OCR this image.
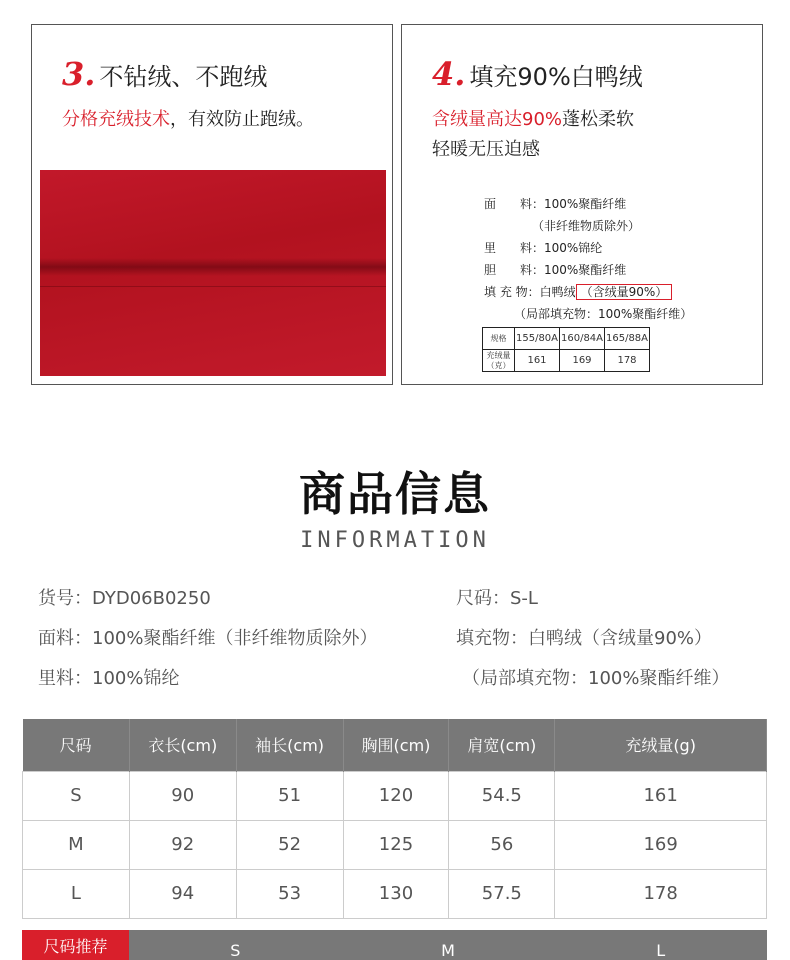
3. 不钻绒、不跑绒
分格充绒技术，有效防止跑绒。
4. 填充90%白鸭绒
含绒量高达90%蓬松柔软
轻暖无压迫感
面　　料：100%聚酯纤维
（非纤维物质除外）
里　　料：100%锦纶
胆　　料：100%聚酯纤维
填 充 物：白鸭绒 （含绒量90%）
（局部填充物：100%聚酯纤维）
规格	155/80A	160/84A	165/88A
充绒量（克）	161	169	178
商品信息
INFORMATION
货号：DYD06B0250	尺码：S-L
面料：100%聚酯纤维（非纤维物质除外）	填充物：白鸭绒（含绒量90%）
里料：100%锦纶	（局部填充物：100%聚酯纤维）
尺码	衣长(cm)	袖长(cm)	胸围(cm)	肩宽(cm)	充绒量(g)
S	90	51	120	54.5	161
M	92	52	125	56	169
L	94	53	130	57.5	178
尺码推荐	S	M	L
